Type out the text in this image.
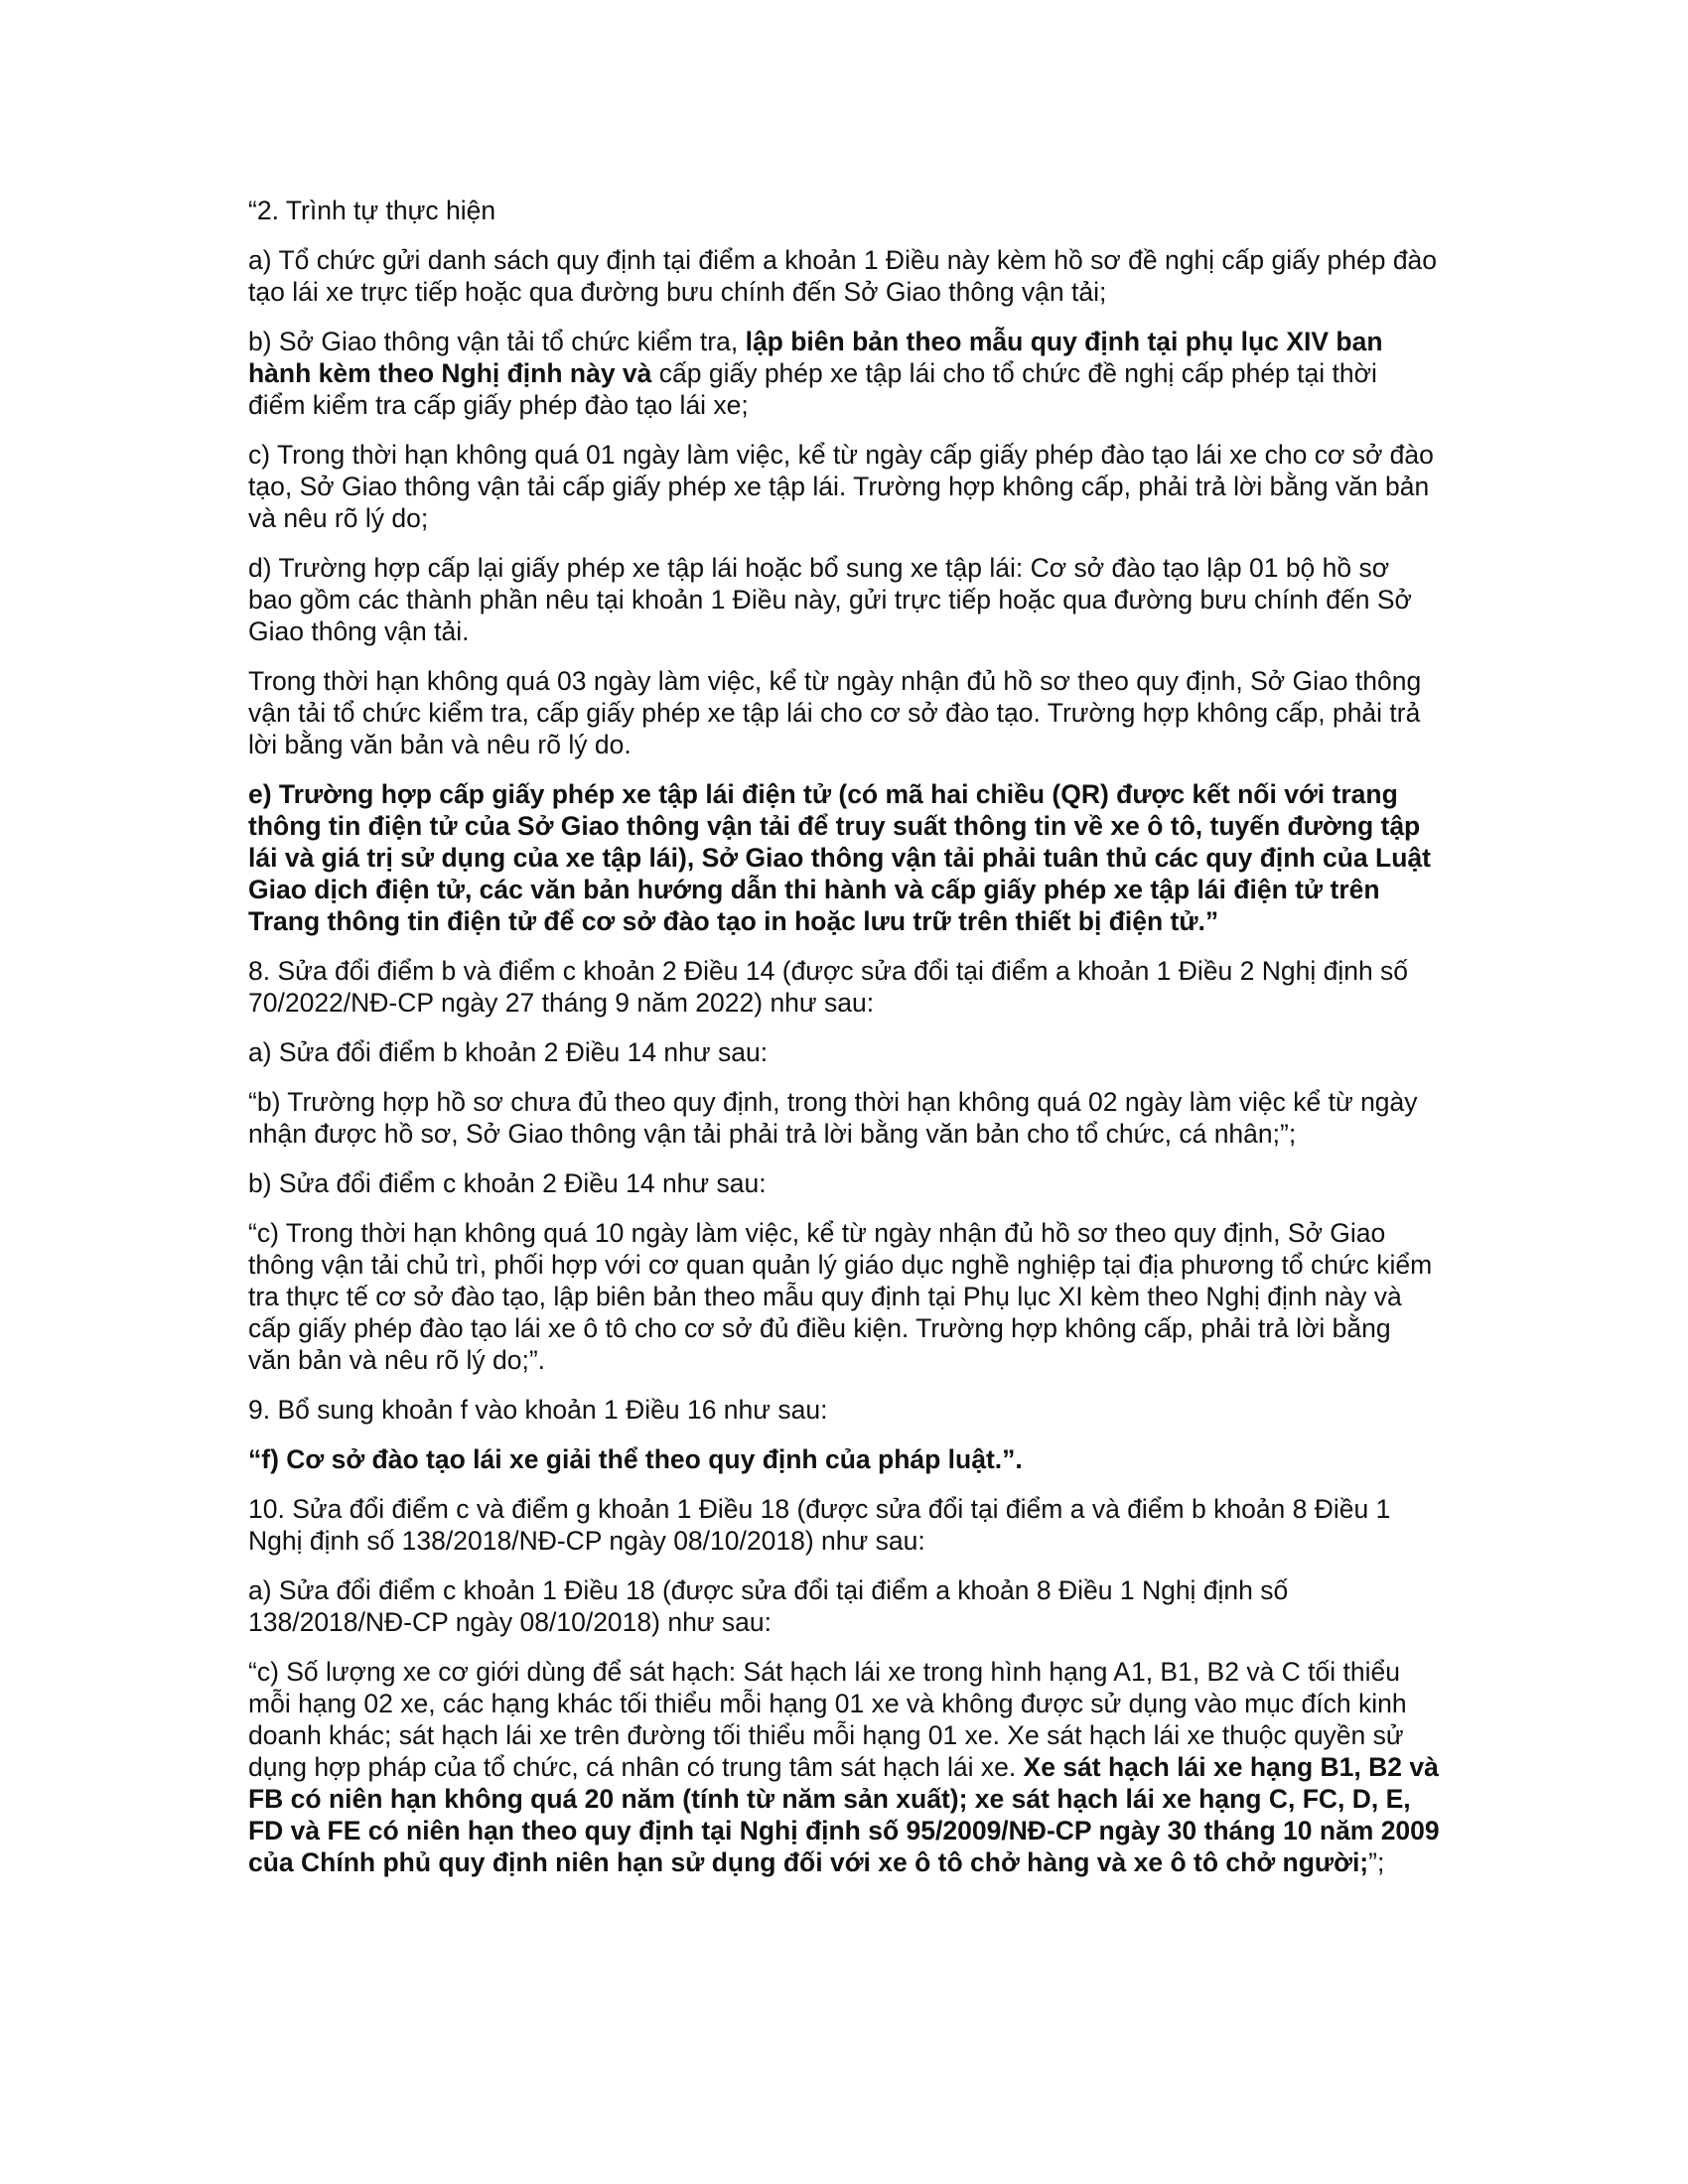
“2. Trình tự thực hiện

a) Tổ chức gửi danh sách quy định tại điểm a khoản 1 Điều này kèm hồ sơ đề nghị cấp giấy phép đào tạo lái xe trực tiếp hoặc qua đường bưu chính đến Sở Giao thông vận tải;

b) Sở Giao thông vận tải tổ chức kiểm tra, lập biên bản theo mẫu quy định tại phụ lục XIV ban hành kèm theo Nghị định này và cấp giấy phép xe tập lái cho tổ chức đề nghị cấp phép tại thời điểm kiểm tra cấp giấy phép đào tạo lái xe;

c) Trong thời hạn không quá 01 ngày làm việc, kể từ ngày cấp giấy phép đào tạo lái xe cho cơ sở đào tạo, Sở Giao thông vận tải cấp giấy phép xe tập lái. Trường hợp không cấp, phải trả lời bằng văn bản và nêu rõ lý do;

d) Trường hợp cấp lại giấy phép xe tập lái hoặc bổ sung xe tập lái: Cơ sở đào tạo lập 01 bộ hồ sơ bao gồm các thành phần nêu tại khoản 1 Điều này, gửi trực tiếp hoặc qua đường bưu chính đến Sở Giao thông vận tải.

Trong thời hạn không quá 03 ngày làm việc, kể từ ngày nhận đủ hồ sơ theo quy định, Sở Giao thông vận tải tổ chức kiểm tra, cấp giấy phép xe tập lái cho cơ sở đào tạo. Trường hợp không cấp, phải trả lời bằng văn bản và nêu rõ lý do.

e) Trường hợp cấp giấy phép xe tập lái điện tử (có mã hai chiều (QR) được kết nối với trang thông tin điện tử của Sở Giao thông vận tải để truy suất thông tin về xe ô tô, tuyến đường tập lái và giá trị sử dụng của xe tập lái), Sở Giao thông vận tải phải tuân thủ các quy định của Luật Giao dịch điện tử, các văn bản hướng dẫn thi hành và cấp giấy phép xe tập lái điện tử trên Trang thông tin điện tử để cơ sở đào tạo in hoặc lưu trữ trên thiết bị điện tử.”

8. Sửa đổi điểm b và điểm c khoản 2 Điều 14 (được sửa đổi tại điểm a khoản 1 Điều 2 Nghị định số 70/2022/NĐ-CP ngày 27 tháng 9 năm 2022) như sau:

a) Sửa đổi điểm b khoản 2 Điều 14 như sau:

“b) Trường hợp hồ sơ chưa đủ theo quy định, trong thời hạn không quá 02 ngày làm việc kể từ ngày nhận được hồ sơ, Sở Giao thông vận tải phải trả lời bằng văn bản cho tổ chức, cá nhân;”;

b) Sửa đổi điểm c khoản 2 Điều 14 như sau:

“c) Trong thời hạn không quá 10 ngày làm việc, kể từ ngày nhận đủ hồ sơ theo quy định, Sở Giao thông vận tải chủ trì, phối hợp với cơ quan quản lý giáo dục nghề nghiệp tại địa phương tổ chức kiểm tra thực tế cơ sở đào tạo, lập biên bản theo mẫu quy định tại Phụ lục XI kèm theo Nghị định này và cấp giấy phép đào tạo lái xe ô tô cho cơ sở đủ điều kiện. Trường hợp không cấp, phải trả lời bằng văn bản và nêu rõ lý do;”.

9. Bổ sung khoản f vào khoản 1 Điều 16 như sau:

“f) Cơ sở đào tạo lái xe giải thể theo quy định của pháp luật.”.

10. Sửa đổi điểm c và điểm g khoản 1 Điều 18 (được sửa đổi tại điểm a và điểm b khoản 8 Điều 1 Nghị định số 138/2018/NĐ-CP ngày 08/10/2018) như sau:

a) Sửa đổi điểm c khoản 1 Điều 18 (được sửa đổi tại điểm a khoản 8 Điều 1 Nghị định số 138/2018/NĐ-CP ngày 08/10/2018) như sau:

“c) Số lượng xe cơ giới dùng để sát hạch: Sát hạch lái xe trong hình hạng A1, B1, B2 và C tối thiểu mỗi hạng 02 xe, các hạng khác tối thiểu mỗi hạng 01 xe và không được sử dụng vào mục đích kinh doanh khác; sát hạch lái xe trên đường tối thiểu mỗi hạng 01 xe. Xe sát hạch lái xe thuộc quyền sử dụng hợp pháp của tổ chức, cá nhân có trung tâm sát hạch lái xe. Xe sát hạch lái xe hạng B1, B2 và FB có niên hạn không quá 20 năm (tính từ năm sản xuất); xe sát hạch lái xe hạng C, FC, D, E, FD và FE có niên hạn theo quy định tại Nghị định số 95/2009/NĐ-CP ngày 30 tháng 10 năm 2009 của Chính phủ quy định niên hạn sử dụng đối với xe ô tô chở hàng và xe ô tô chở người;”;
